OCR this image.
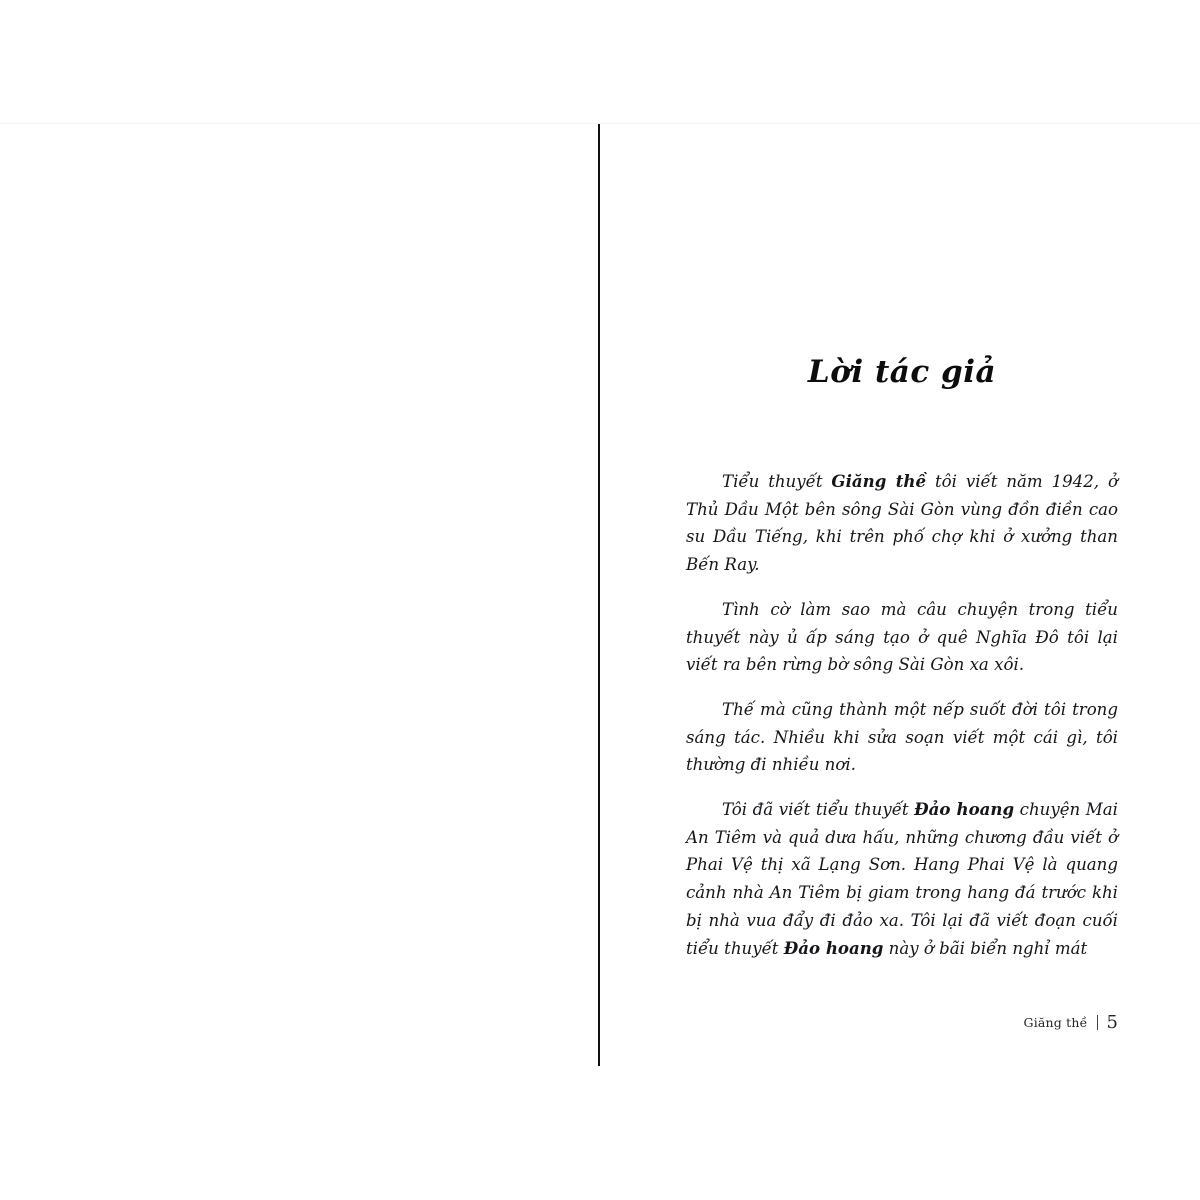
Lời tác giả

Tiểu thuyết Giăng thề tôi viết năm 1942, ở Thủ Dầu Một bên sông Sài Gòn vùng đồn điền cao su Dầu Tiếng, khi trên phố chợ khi ở xưởng than Bến Ray.

Tình cờ làm sao mà câu chuyện trong tiểu thuyết này ủ ấp sáng tạo ở quê Nghĩa Đô tôi lại viết ra bên rừng bờ sông Sài Gòn xa xôi.

Thế mà cũng thành một nếp suốt đời tôi trong sáng tác. Nhiều khi sửa soạn viết một cái gì, tôi thường đi nhiều nơi.

Tôi đã viết tiểu thuyết Đảo hoang chuyện Mai An Tiêm và quả dưa hấu, những chương đầu viết ở Phai Vệ thị xã Lạng Sơn. Hang Phai Vệ là quang cảnh nhà An Tiêm bị giam trong hang đá trước khi bị nhà vua đẩy đi đảo xa. Tôi lại đã viết đoạn cuối tiểu thuyết Đảo hoang này ở bãi biển nghỉ mát

Giăng thề 5
